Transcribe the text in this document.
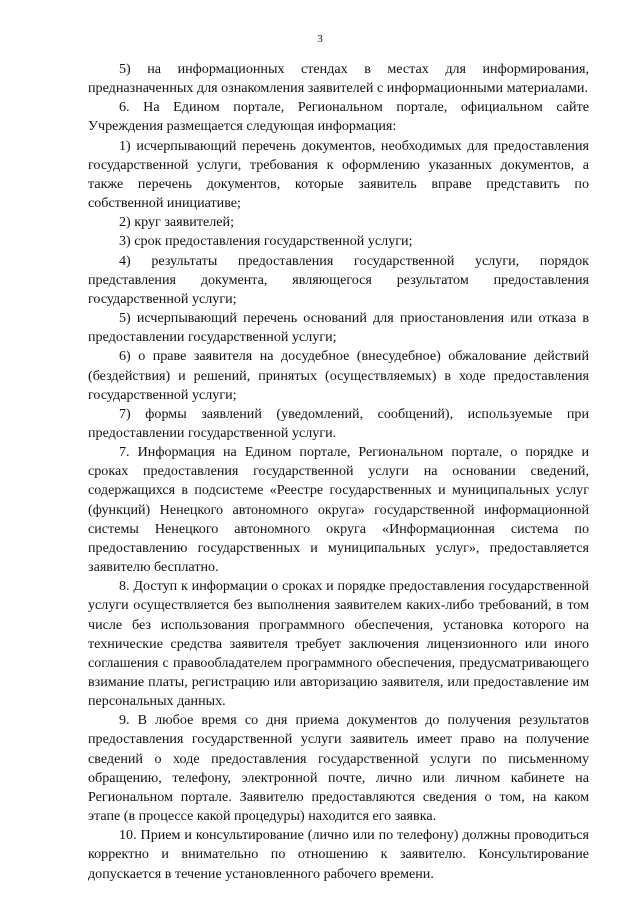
3

5) на информационных стендах в местах для информирования, предназначенных для ознакомления заявителей с информационными материалами.

6. На Едином портале, Региональном портале, официальном сайте Учреждения размещается следующая информация:

1) исчерпывающий перечень документов, необходимых для предоставления государственной услуги, требования к оформлению указанных документов, а также перечень документов, которые заявитель вправе представить по собственной инициативе;

2) круг заявителей;

3) срок предоставления государственной услуги;

4) результаты предоставления государственной услуги, порядок представления документа, являющегося результатом предоставления государственной услуги;

5) исчерпывающий перечень оснований для приостановления или отказа в предоставлении государственной услуги;

6) о праве заявителя на досудебное (внесудебное) обжалование действий (бездействия) и решений, принятых (осуществляемых) в ходе предоставления государственной услуги;

7) формы заявлений (уведомлений, сообщений), используемые при предоставлении государственной услуги.

7. Информация на Едином портале, Региональном портале, о порядке и сроках предоставления государственной услуги на основании сведений, содержащихся в подсистеме «Реестре государственных и муниципальных услуг (функций) Ненецкого автономного округа» государственной информационной системы Ненецкого автономного округа «Информационная система по предоставлению государственных и муниципальных услуг», предоставляется заявителю бесплатно.

8. Доступ к информации о сроках и порядке предоставления государственной услуги осуществляется без выполнения заявителем каких-либо требований, в том числе без использования программного обеспечения, установка которого на технические средства заявителя требует заключения лицензионного или иного соглашения с правообладателем программного обеспечения, предусматривающего взимание платы, регистрацию или авторизацию заявителя, или предоставление им персональных данных.

9. В любое время со дня приема документов до получения результатов предоставления государственной услуги заявитель имеет право на получение сведений о ходе предоставления государственной услуги по письменному обращению, телефону, электронной почте, лично или личном кабинете на Региональном портале. Заявителю предоставляются сведения о том, на каком этапе (в процессе какой процедуры) находится его заявка.

10. Прием и консультирование (лично или по телефону) должны проводиться корректно и внимательно по отношению к заявителю. Консультирование допускается в течение установленного рабочего времени.
